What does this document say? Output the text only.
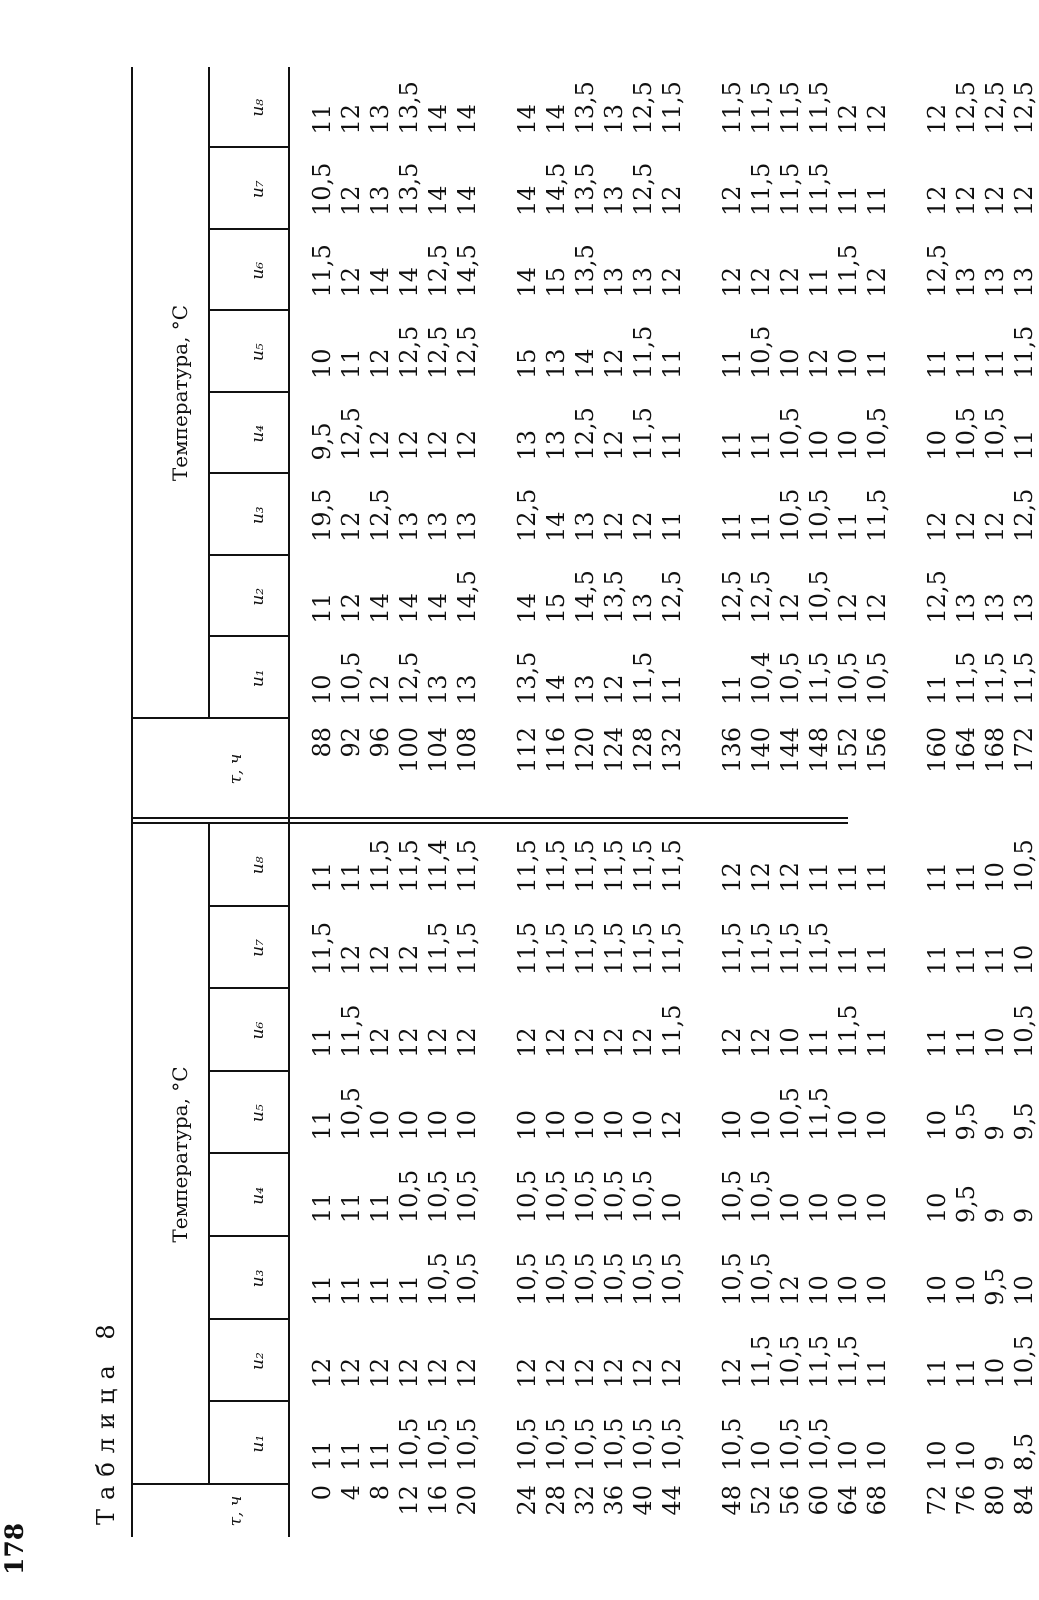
178
Таблица 8	τ, ч
τ, ч
Температура, °С
Температура, °С
0 4 8 12 16 20 24 28 32 36 40 44 48 52 56 60 64 68 72 76 80 84
88 92 96 100 104 108 112 116 120 124 128 132 136 140 144 148 152 156 160 164 168 172
u₁ 11 11 11 10,5 10,5 10,5 10,5 10,5 10,5 10,5 10,5 10,5 10,5 10 10,5 10,5 10 10 10 10 9 8,5
u₂ 12 12 12 12 12 12 12 12 12 12 12 12 12 11,5 10,5 11,5 11,5 11 11 11 10 10,5
u₃ 11 11 11 11 10,5 10,5 10,5 10,5 10,5 10,5 10,5 10,5 10,5 10,5 12 10 10 10 10 10 9,5 10
u₄ 11 11 11 10,5 10,5 10,5 10,5 10,5 10,5 10,5 10,5 10 10,5 10,5 10 10 10 10 10 9,5 9 9
u₅ 11 10,5 10 10 10 10 10 10 10 10 10 12 10 10 10,5 11,5 10 10 10 9,5 9 9,5
u₆ 11 11,5 12 12 12 12 12 12 12 12 12 11,5 12 12 10 11 11,5 11 11 11 10 10,5
u₇ 11,5 12 12 12 11,5 11,5 11,5 11,5 11,5 11,5 11,5 11,5 11,5 11,5 11,5 11,5 11 11 11 11 11 10
u₈ 11 11 11,5 11,5 11,4 11,5 11,5 11,5 11,5 11,5 11,5 11,5 12 12 12 11 11 11 11 11 10 10,5
u₁ 10 10,5 12 12,5 13 13 13,5 14 13 12 11,5 11 11 10,4 10,5 11,5 10,5 10,5 11 11,5 11,5 11,5
u₂ 11 12 14 14 14 14,5 14 15 14,5 13,5 13 12,5 12,5 12,5 12 10,5 12 12 12,5 13 13 13
u₃ 19,5 12 12,5 13 13 13 12,5 14 13 12 12 11 11 11 10,5 10,5 11 11,5 12 12 12 12,5
u₄ 9,5 12,5 12 12 12 12 13 13 12,5 12 11,5 11 11 11 10,5 10 10 10,5 10 10,5 10,5 11
u₅ 10 11 12 12,5 12,5 12,5 15 13 14 12 11,5 11 11 10,5 10 12 10 11 11 11 11 11,5
u₆ 11,5 12 14 14 12,5 14,5 14 15 13,5 13 13 12 12 12 12 11 11,5 12 12,5 13 13 13
u₇ 10,5 12 13 13,5 14 14 14 14,5 13,5 13 12,5 12 12 11,5 11,5 11,5 11 11 12 12 12 12
u₈ 11 12 13 13,5 14 14 14 14 13,5 13 12,5 11,5 11,5 11,5 11,5 11,5 12 12 12 12,5 12,5 12,5
